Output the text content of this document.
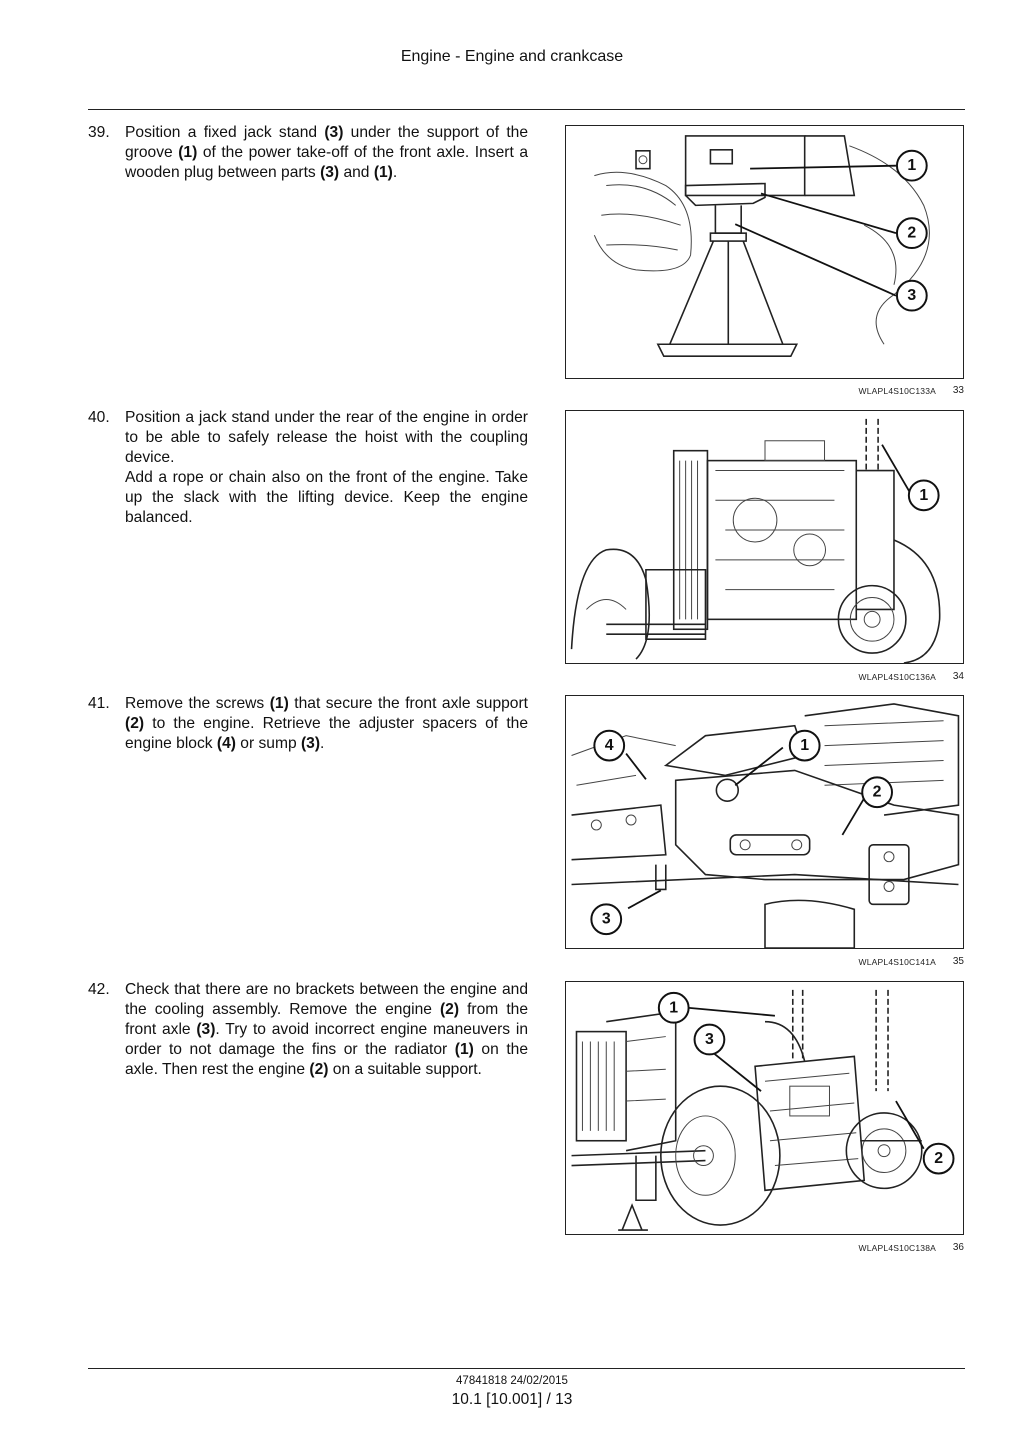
Engine - Engine and crankcase
39. Position a fixed jack stand (3) under the support of the groove (1) of the power take-off of the front axle. Insert a wooden plug between parts (3) and (1).

40. Position a jack stand under the rear of the engine in order to be able to safely release the hoist with the coupling device.

Add a rope or chain also on the front of the engine. Take up the slack with the lifting device. Keep the engine balanced.

41. Remove the screws (1) that secure the front axle support (2) to the engine. Retrieve the adjuster spacers of the engine block (4) or sump (3).

42. Check that there are no brackets between the engine and the cooling assembly. Remove the engine (2) from the front axle (3). Try to avoid incorrect engine maneuvers in order to not damage the fins or the radiator (1) on the axle. Then rest the engine (2) on a suitable support.

1
2
3
WLAPL4S10C133A 33
1
WLAPL4S10C136A 34
4	1
2
3
WLAPL4S10C141A 35
1
3
2
WLAPL4S10C138A 36
47841818 24/02/2015
10.1 [10.001] / 13
